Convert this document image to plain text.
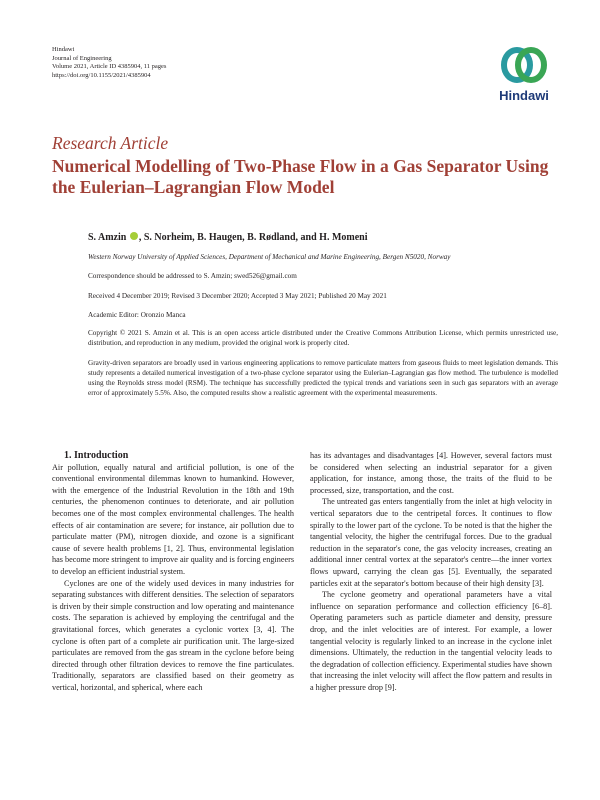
Hindawi
Journal of Engineering
Volume 2021, Article ID 4385904, 11 pages
https://doi.org/10.1155/2021/4385904
Hindawi
Research Article
Numerical Modelling of Two-Phase Flow in a Gas Separator Using the Eulerian–Lagrangian Flow Model
S. Amzin , S. Norheim, B. Haugen, B. Rødland, and H. Momeni
Western Norway University of Applied Sciences, Department of Mechanical and Marine Engineering, Bergen N5020, Norway
Correspondence should be addressed to S. Amzin; swed526@gmail.com
Received 4 December 2019; Revised 3 December 2020; Accepted 3 May 2021; Published 20 May 2021
Academic Editor: Oronzio Manca
Copyright © 2021 S. Amzin et al. This is an open access article distributed under the Creative Commons Attribution License, which permits unrestricted use, distribution, and reproduction in any medium, provided the original work is properly cited.
Gravity-driven separators are broadly used in various engineering applications to remove particulate matters from gaseous fluids to meet legislation demands. This study represents a detailed numerical investigation of a two-phase cyclone separator using the Eulerian–Lagrangian gas flow method. The turbulence is modelled using the Reynolds stress model (RSM). The technique has successfully predicted the typical trends and variations seen in such gas separators with an average error of approximately 5.5%. Also, the computed results show a realistic agreement with the experimental measurements.

1. Introduction

Air pollution, equally natural and artificial pollution, is one of the conventional environmental dilemmas known to humankind. However, with the emergence of the Industrial Revolution in the 18th and 19th centuries, the phenomenon continues to deteriorate, and air pollution becomes one of the most complex environmental challenges. The health effects of air contamination are severe; for instance, air pollution due to particulate matter (PM), nitrogen dioxide, and ozone is a significant cause of severe health problems [1, 2]. Thus, environmental legislation has become more stringent to improve air quality and is forcing engineers to develop an efficient industrial system.

Cyclones are one of the widely used devices in many industries for separating substances with different densities. The selection of separators is driven by their simple construction and low operating and maintenance costs. The separation is achieved by employing the centrifugal and the gravitational forces, which generates a cyclonic vortex [3, 4]. The cyclone is often part of a complete air purification unit. The large-sized particulates are removed from the gas stream in the cyclone before being directed through other filtration devices to remove the fine particulates. Traditionally, separators are classified based on their geometry as vertical, horizontal, and spherical, where each

has its advantages and disadvantages [4]. However, several factors must be considered when selecting an industrial separator for a given application, for instance, among those, the traits of the fluid to be processed, size, transportation, and the cost.

The untreated gas enters tangentially from the inlet at high velocity in vertical separators due to the centripetal forces. It continues to flow spirally to the lower part of the cyclone. To be noted is that the higher the tangential velocity, the higher the centrifugal forces. Due to the gradual reduction in the separator's cone, the gas velocity increases, creating an additional inner central vortex at the separator's centre—the inner vortex flows upward, carrying the clean gas [5]. Eventually, the separated particles exit at the separator's bottom because of their high density [3].

The cyclone geometry and operational parameters have a vital influence on separation performance and collection efficiency [6–8]. Operating parameters such as particle diameter and density, pressure drop, and the inlet velocities are of interest. For example, a lower tangential velocity is regularly linked to an increase in the cyclone inlet dimensions. Ultimately, the reduction in the tangential velocity leads to the degradation of collection efficiency. Experimental studies have shown that increasing the inlet velocity will affect the flow pattern and results in a higher pressure drop [9].
